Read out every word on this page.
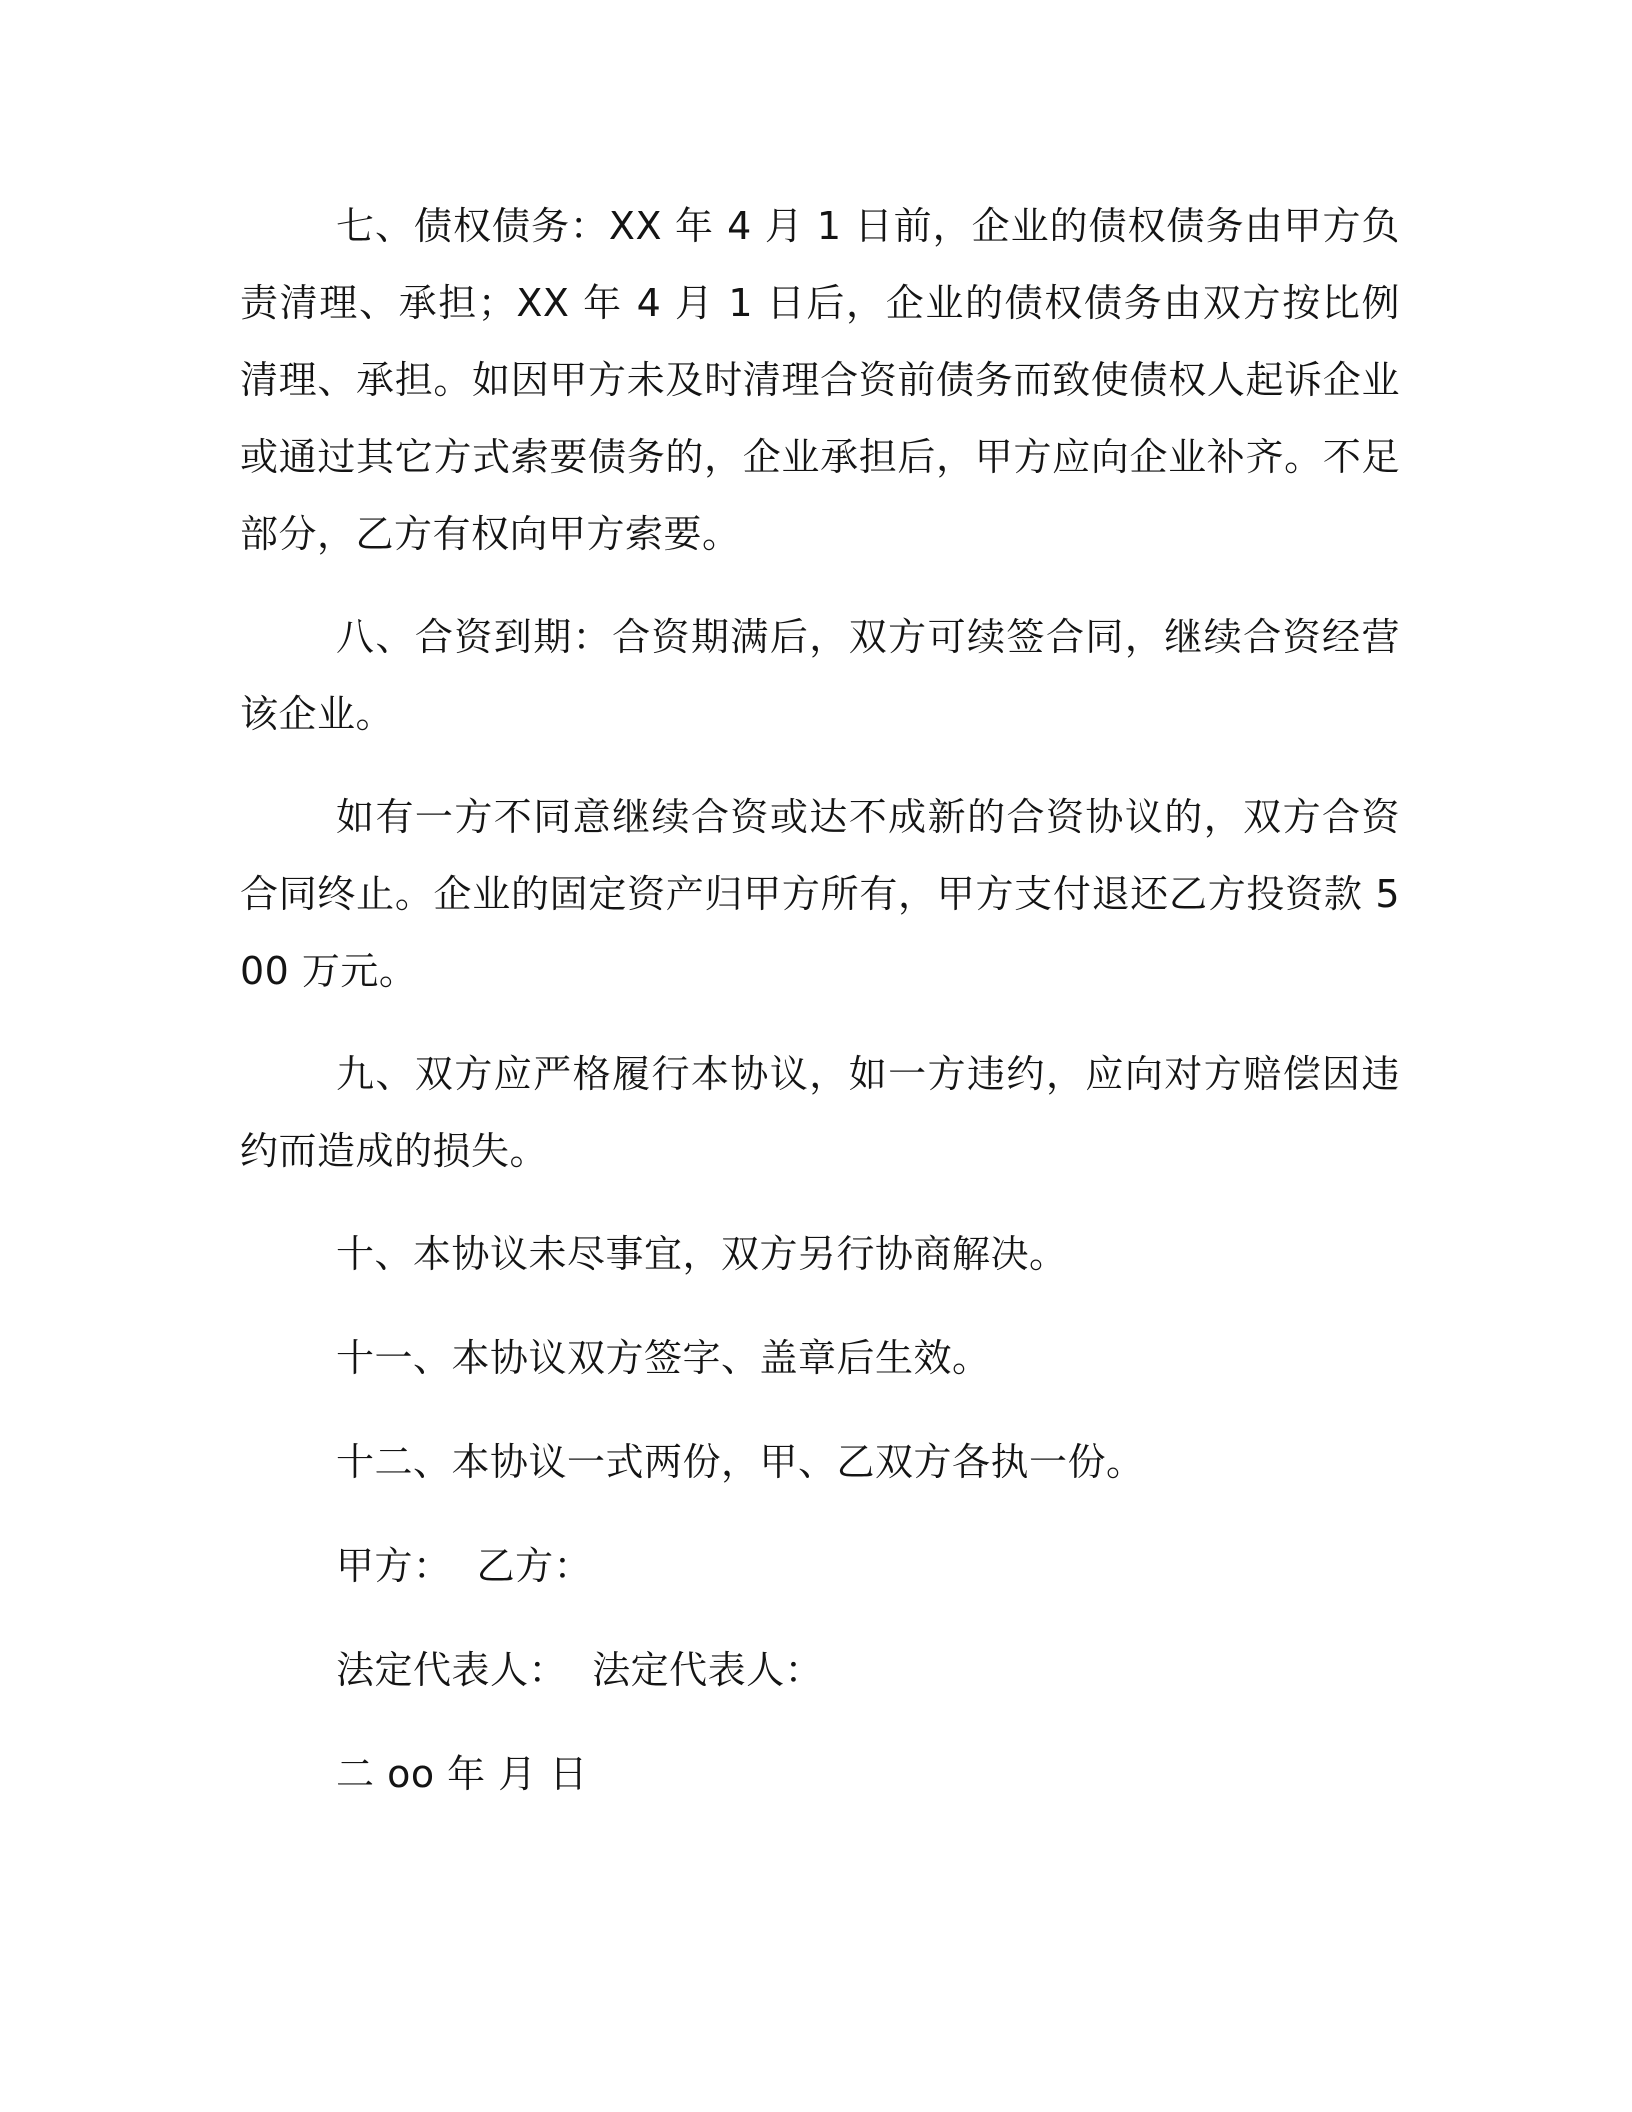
七、债权债务：XX 年 4 月 1 日前，企业的债权债务由甲方负责清理、承担；XX 年 4 月 1 日后，企业的债权债务由双方按比例清理、承担。如因甲方未及时清理合资前债务而致使债权人起诉企业或通过其它方式索要债务的，企业承担后，甲方应向企业补齐。不足部分，乙方有权向甲方索要。

八、合资到期：合资期满后，双方可续签合同，继续合资经营该企业。

如有一方不同意继续合资或达不成新的合资协议的，双方合资合同终止。企业的固定资产归甲方所有，甲方支付退还乙方投资款 500 万元。

九、双方应严格履行本协议，如一方违约，应向对方赔偿因违约而造成的损失。

十、本协议未尽事宜，双方另行协商解决。

十一、本协议双方签字、盖章后生效。

十二、本协议一式两份，甲、乙双方各执一份。

甲方：  乙方：

法定代表人：  法定代表人：

二 oo 年 月 日
